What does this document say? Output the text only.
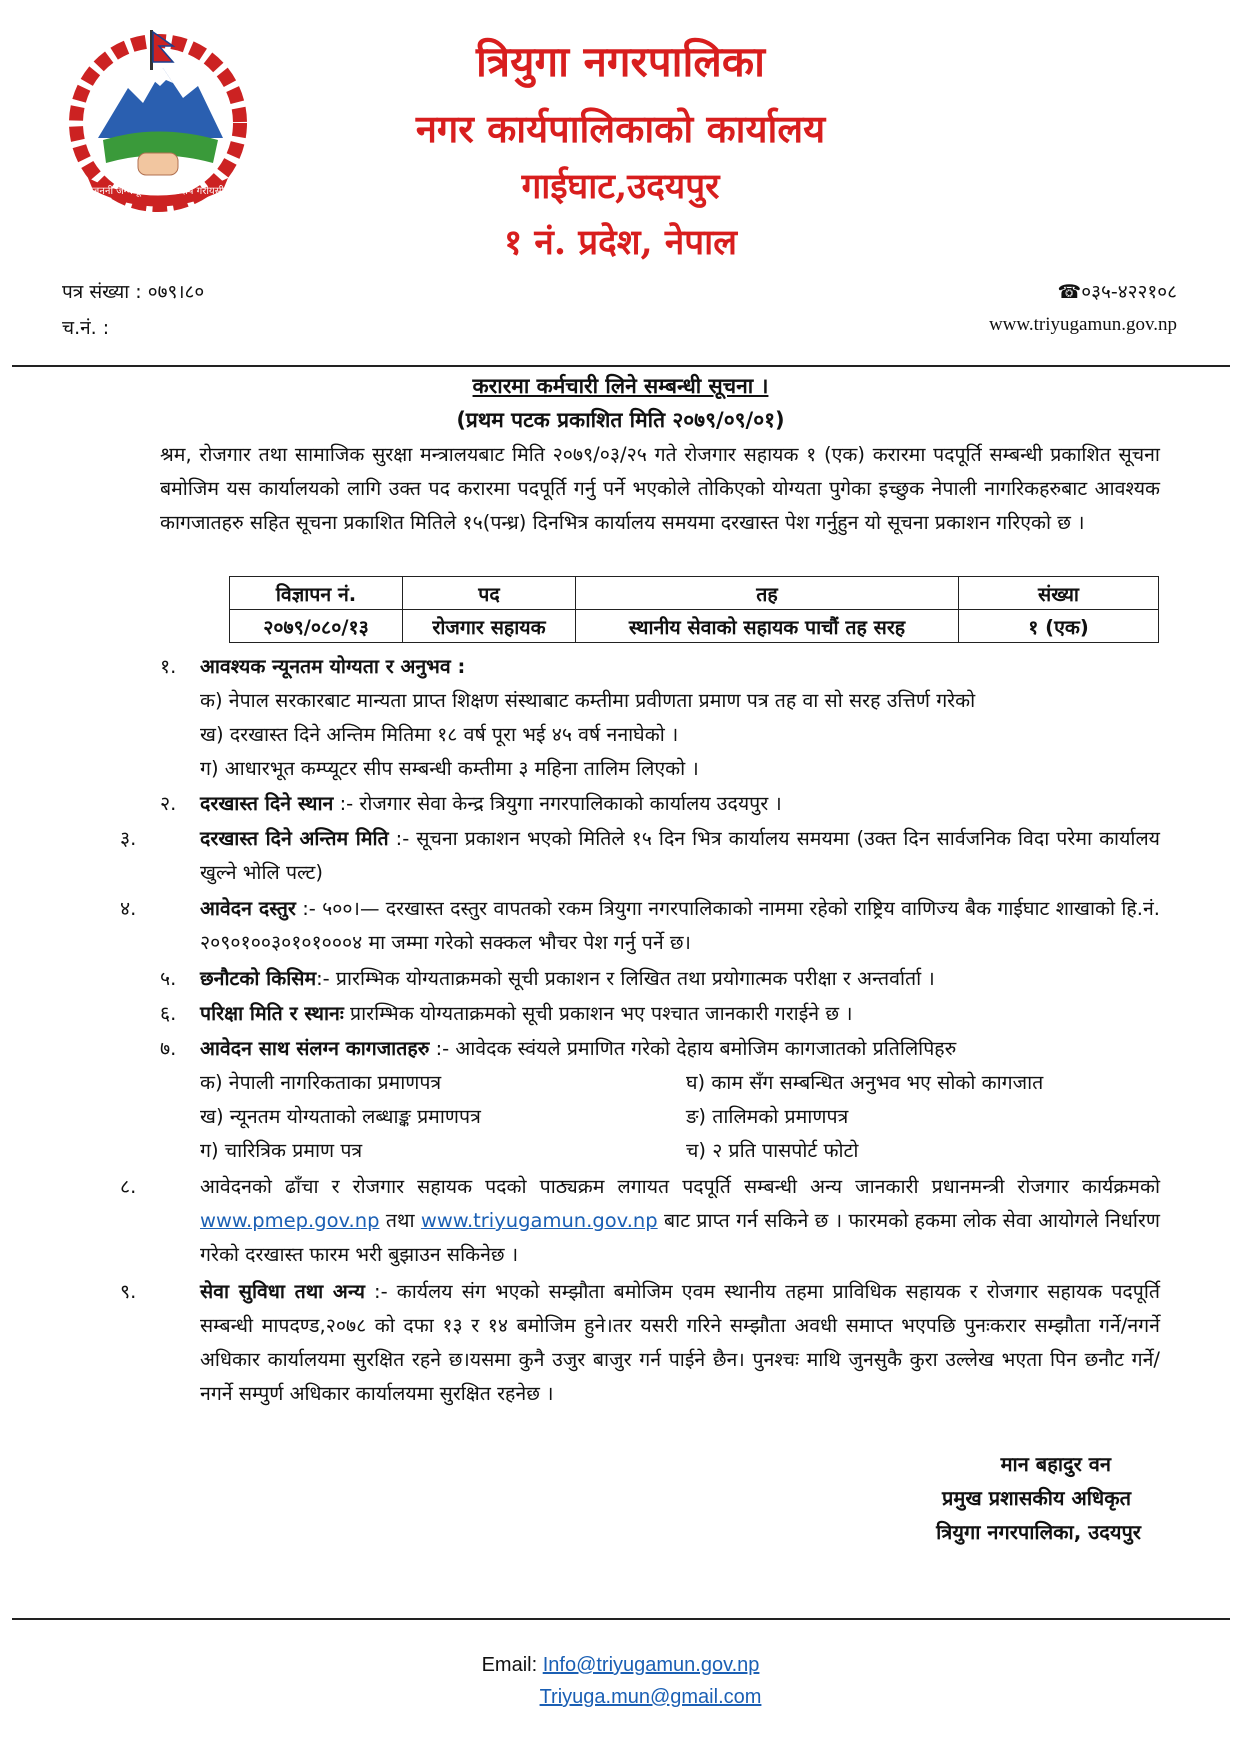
जननी जन्मभूमिश्च स्वर्गादपि गरीयसी
त्रियुगा नगरपालिका
नगर कार्यपालिकाको कार्यालय
गाईघाट,उदयपुर
१ नं. प्रदेश, नेपाल
पत्र संख्या : ०७९।८०
च.नं. :
☎०३५-४२२१०८
www.triyugamun.gov.np
करारमा कर्मचारी लिने सम्बन्धी सूचना ।
(प्रथम पटक प्रकाशित मिति २०७९/०९/०१)
श्रम, रोजगार तथा सामाजिक सुरक्षा मन्त्रालयबाट मिति २०७९/०३/२५ गते रोजगार सहायक १ (एक) करारमा पदपूर्ति सम्बन्धी प्रकाशित सूचना बमोजिम यस कार्यालयको लागि उक्त पद करारमा पदपूर्ति गर्नु पर्ने भएकोले तोकिएको योग्यता पुगेका इच्छुक नेपाली नागरिकहरुबाट आवश्यक कागजातहरु सहित सूचना प्रकाशित मितिले १५(पन्ध्र) दिनभित्र कार्यालय समयमा दरखास्त पेश गर्नुहुन यो सूचना प्रकाशन गरिएको छ ।
विज्ञापन नं.	पद	तह	संख्या
२०७९/०८०/१३	रोजगार सहायक	स्थानीय सेवाको सहायक पाचौं तह सरह	१ (एक)
१. आवश्यक न्यूनतम योग्यता र अनुभव :
क) नेपाल सरकारबाट मान्यता प्राप्त शिक्षण संस्थाबाट कम्तीमा प्रवीणता प्रमाण पत्र तह वा सो सरह उत्तिर्ण गरेको
ख) दरखास्त दिने अन्तिम मितिमा १८ वर्ष पूरा भई ४५ वर्ष ननाघेको ।
ग) आधारभूत कम्प्यूटर सीप सम्बन्धी कम्तीमा ३ महिना तालिम लिएको ।
२. दरखास्त दिने स्थान :- रोजगार सेवा केन्द्र त्रियुगा नगरपालिकाको कार्यालय उदयपुर ।
३.	दरखास्त दिने अन्तिम मिति :- सूचना प्रकाशन भएको मितिले १५ दिन भित्र कार्यालय समयमा (उक्त दिन सार्वजनिक विदा परेमा कार्यालय खुल्ने भोलि पल्ट)
४.	आवेदन दस्तुर :- ५००।— दरखास्त दस्तुर वापतको रकम त्रियुगा नगरपालिकाको नाममा रहेको राष्ट्रिय वाणिज्य बैक गाईघाट शाखाको हि.नं. २०९०१००३०१०१०००४ मा जम्मा गरेको सक्कल भौचर पेश गर्नु पर्ने छ।
५. छनौटको किसिम:- प्रारम्भिक योग्यताक्रमको सूची प्रकाशन र लिखित तथा प्रयोगात्मक परीक्षा र अन्तर्वार्ता ।
६. परिक्षा मिति र स्थानः प्रारम्भिक योग्यताक्रमको सूची प्रकाशन भए पश्चात जानकारी गराईने छ ।
७. आवेदन साथ संलग्न कागजातहरु :- आवेदक स्वंयले प्रमाणित गरेको देहाय बमोजिम कागजातको प्रतिलिपिहरु
क) नेपाली नागरिकताका प्रमाणपत्र
ख) न्यूनतम योग्यताको लब्धाङ्क प्रमाणपत्र
ग) चारित्रिक प्रमाण पत्र
घ) काम सँग सम्बन्धित अनुभव भए सोको कागजात
ङ) तालिमको प्रमाणपत्र
च) २ प्रति पासपोर्ट फोटो
८.	आवेदनको ढाँचा र रोजगार सहायक पदको पाठ्यक्रम लगायत पदपूर्ति सम्बन्धी अन्य जानकारी प्रधानमन्त्री रोजगार कार्यक्रमको www.pmep.gov.np तथा www.triyugamun.gov.np बाट प्राप्त गर्न सकिने छ । फारमको हकमा लोक सेवा आयोगले निर्धारण गरेको दरखास्त फारम भरी बुझाउन सकिनेछ ।
९.	सेवा सुविधा तथा अन्य :- कार्यलय संग भएको सम्झौता बमोजिम एवम स्थानीय तहमा प्राविधिक सहायक र रोजगार सहायक पदपूर्ति सम्बन्धी मापदण्ड,२०७८ को दफा १३ र १४ बमोजिम हुने।तर यसरी गरिने सम्झौता अवधी समाप्त भएपछि पुनःकरार सम्झौता गर्ने/नगर्ने अधिकार कार्यालयमा सुरक्षित रहने छ।यसमा कुनै उजुर बाजुर गर्न पाईने छैन। पुनश्चः माथि जुनसुकै कुरा उल्लेख भएता पिन छनौट गर्ने/ नगर्ने सम्पुर्ण अधिकार कार्यालयमा सुरक्षित रहनेछ ।
मान बहादुर वन
प्रमुख प्रशासकीय अधिकृत
त्रियुगा नगरपालिका, उदयपुर
Email: Info@triyugamun.gov.np
Triyuga.mun@gmail.com
